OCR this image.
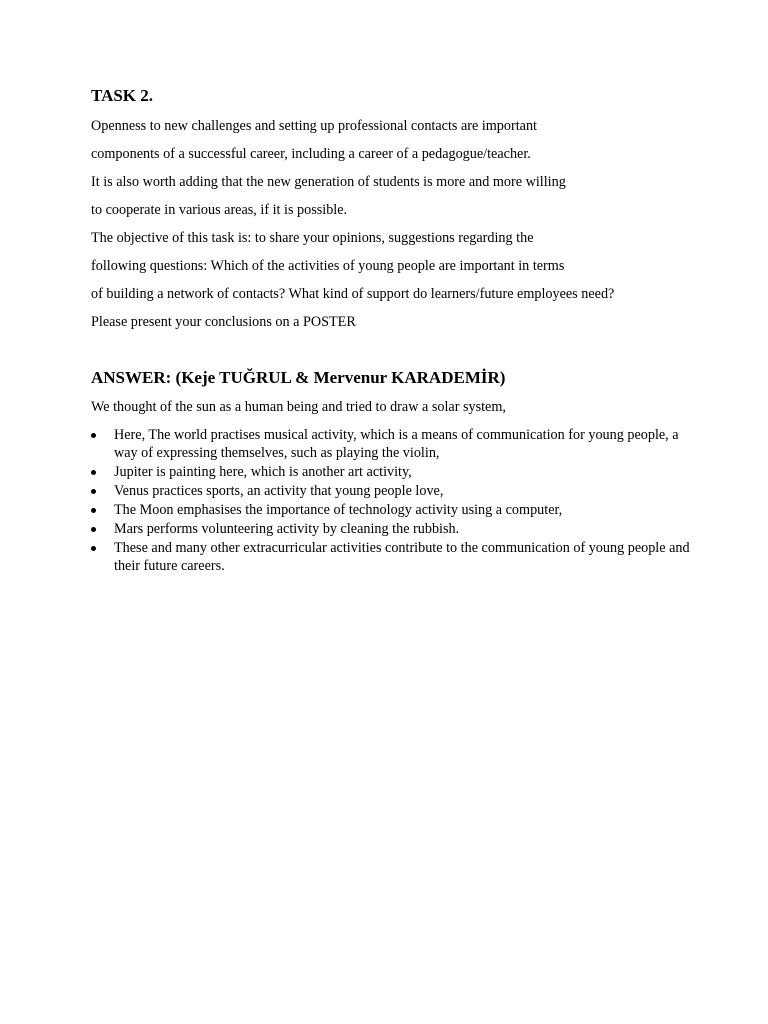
TASK 2.

Openness to new challenges and setting up professional contacts are important

components of a successful career, including a career of a pedagogue/teacher.

It is also worth adding that the new generation of students is more and more willing

to cooperate in various areas, if it is possible.

The objective of this task is: to share your opinions, suggestions regarding the

following questions: Which of the activities of young people are important in terms

of building a network of contacts? What kind of support do learners/future employees need?

Please present your conclusions on a POSTER

ANSWER: (Keje TUĞRUL & Mervenur KARADEMİR)

We thought of the sun as a human being and tried to draw a solar system,

Here, The world practises musical activity, which is a means of communication for young people, a way of expressing themselves, such as playing the violin,
Jupiter is painting here, which is another art activity,
Venus practices sports, an activity that young people love,
The Moon emphasises the importance of technology activity using a computer,
Mars performs volunteering activity by cleaning the rubbish.
These and many other extracurricular activities contribute to the communication of young people and their future careers.
